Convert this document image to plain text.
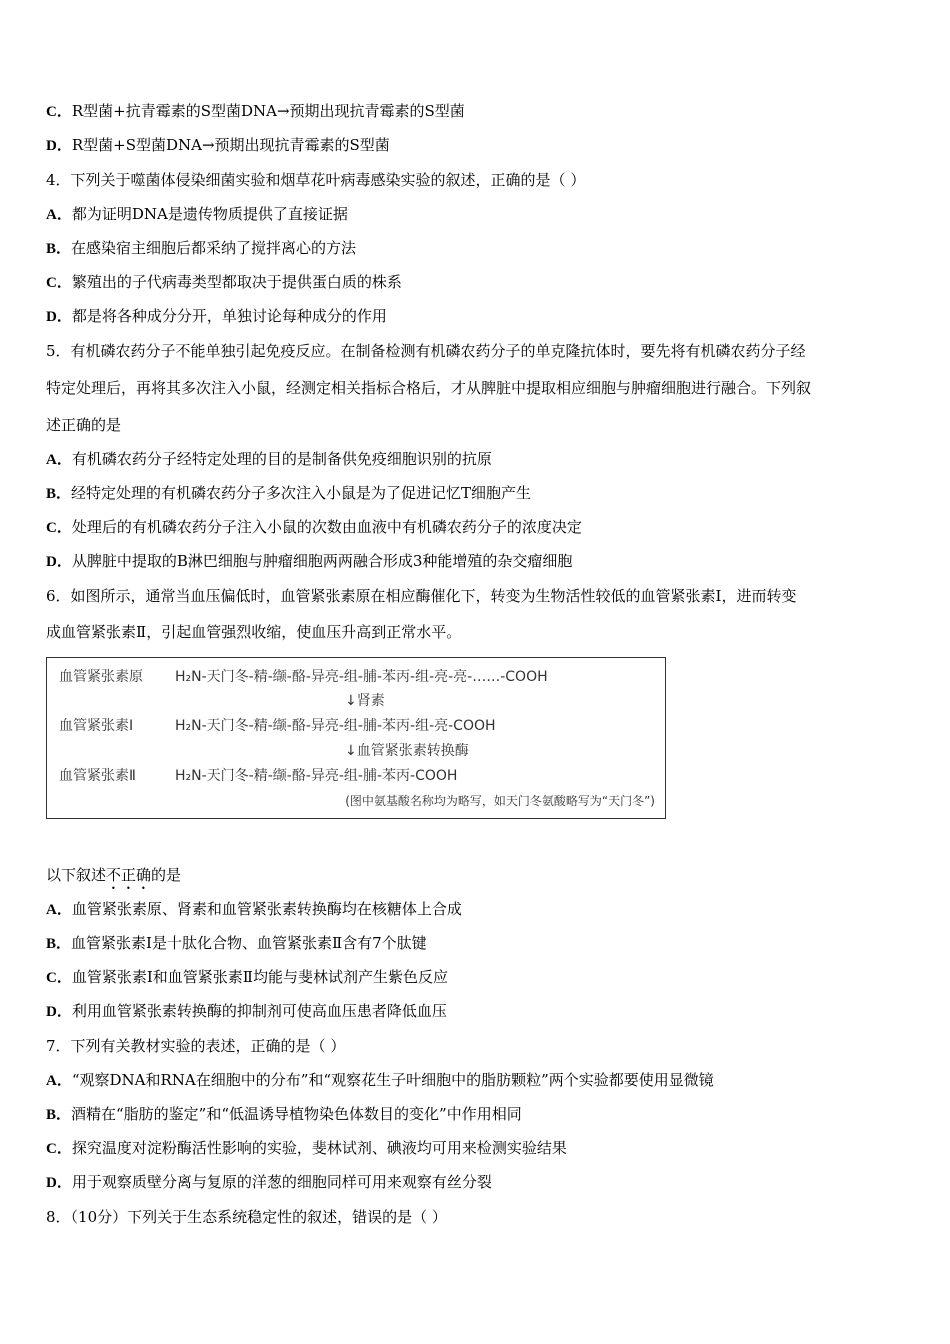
C．R型菌+抗青霉素的S型菌DNA→预期出现抗青霉素的S型菌
D．R型菌+S型菌DNA→预期出现抗青霉素的S型菌
4．下列关于噬菌体侵染细菌实验和烟草花叶病毒感染实验的叙述，正确的是（ ）
A．都为证明DNA是遗传物质提供了直接证据
B．在感染宿主细胞后都采纳了搅拌离心的方法
C．繁殖出的子代病毒类型都取决于提供蛋白质的株系
D．都是将各种成分分开，单独讨论每种成分的作用
5．有机磷农药分子不能单独引起免疫反应。在制备检测有机磷农药分子的单克隆抗体时，要先将有机磷农药分子经
特定处理后，再将其多次注入小鼠，经测定相关指标合格后，才从脾脏中提取相应细胞与肿瘤细胞进行融合。下列叙
述正确的是
A．有机磷农药分子经特定处理的目的是制备供免疫细胞识别的抗原
B．经特定处理的有机磷农药分子多次注入小鼠是为了促进记忆T细胞产生
C．处理后的有机磷农药分子注入小鼠的次数由血液中有机磷农药分子的浓度决定
D．从脾脏中提取的B淋巴细胞与肿瘤细胞两两融合形成3种能增殖的杂交瘤细胞
6．如图所示，通常当血压偏低时，血管紧张素原在相应酶催化下，转变为生物活性较低的血管紧张素Ⅰ，进而转变
成血管紧张素Ⅱ，引起血管强烈收缩，使血压升高到正常水平。
血管紧张素原 H₂N-天门冬-精-缬-酪-异亮-组-脯-苯丙-组-亮-亮-……-COOH
↓肾素
血管紧张素Ⅰ	H₂N-天门冬-精-缬-酪-异亮-组-脯-苯丙-组-亮-COOH
↓血管紧张素转换酶
血管紧张素Ⅱ	H₂N-天门冬-精-缬-酪-异亮-组-脯-苯丙-COOH
(图中氨基酸名称均为略写，如天门冬氨酸略写为“天门冬”)
以下叙述不正确的是
A．血管紧张素原、肾素和血管紧张素转换酶均在核糖体上合成
B．血管紧张素Ⅰ是十肽化合物、血管紧张素Ⅱ含有7个肽键
C．血管紧张素Ⅰ和血管紧张素Ⅱ均能与斐林试剂产生紫色反应
D．利用血管紧张素转换酶的抑制剂可使高血压患者降低血压
7．下列有关教材实验的表述，正确的是（ ）
A．“观察DNA和RNA在细胞中的分布”和“观察花生子叶细胞中的脂肪颗粒”两个实验都要使用显微镜
B．酒精在“脂肪的鉴定”和“低温诱导植物染色体数目的变化”中作用相同
C．探究温度对淀粉酶活性影响的实验，斐林试剂、碘液均可用来检测实验结果
D．用于观察质壁分离与复原的洋葱的细胞同样可用来观察有丝分裂
8．（10分）下列关于生态系统稳定性的叙述，错误的是（ ）
